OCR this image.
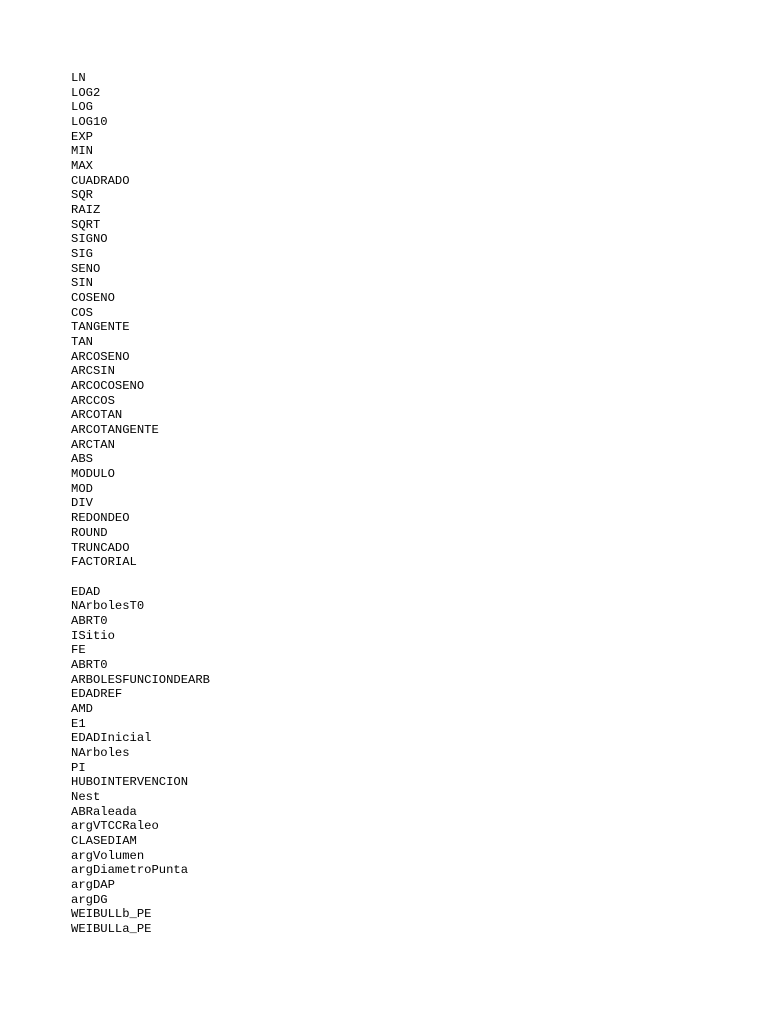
LN
LOG2
LOG
LOG10
EXP
MIN
MAX
CUADRADO
SQR
RAIZ
SQRT
SIGNO
SIG
SENO
SIN
COSENO
COS
TANGENTE
TAN
ARCOSENO
ARCSIN
ARCOCOSENO
ARCCOS
ARCOTAN
ARCOTANGENTE
ARCTAN
ABS
MODULO
MOD
DIV
REDONDEO
ROUND
TRUNCADO
FACTORIAL
EDAD
NArbolesT0
ABRT0
ISitio
FE
ABRT0
ARBOLESFUNCIONDEARB
EDADREF
AMD
E1
EDADInicial
NArboles
PI
HUBOINTERVENCION
Nest
ABRaleada
argVTCCRaleo
CLASEDIAM
argVolumen
argDiametroPunta
argDAP
argDG
WEIBULLb_PE
WEIBULLa_PE
